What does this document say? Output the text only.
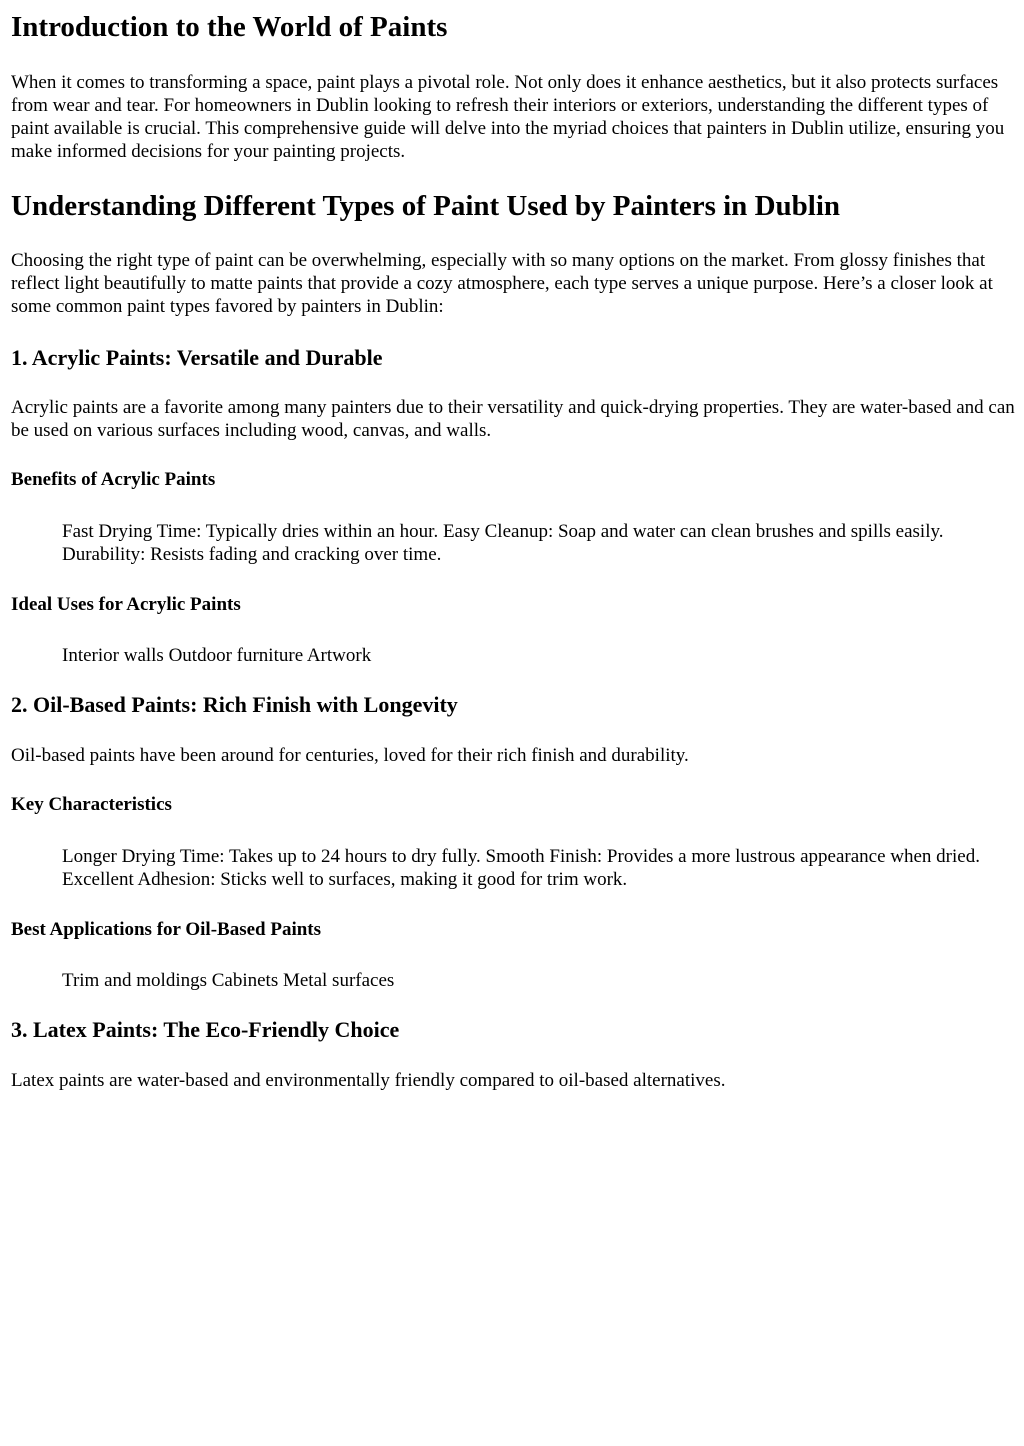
Introduction to the World of Paints

When it comes to transforming a space, paint plays a pivotal role. Not only does it enhance aesthetics, but it also protects surfaces from wear and tear. For homeowners in Dublin looking to refresh their interiors or exteriors, understanding the different types of paint available is crucial. This comprehensive guide will delve into the myriad choices that painters in Dublin utilize, ensuring you make informed decisions for your painting projects.

Understanding Different Types of Paint Used by Painters in Dublin

Choosing the right type of paint can be overwhelming, especially with so many options on the market. From glossy finishes that reflect light beautifully to matte paints that provide a cozy atmosphere, each type serves a unique purpose. Here’s a closer look at some common paint types favored by painters in Dublin:

1. Acrylic Paints: Versatile and Durable

Acrylic paints are a favorite among many painters due to their versatility and quick-drying properties. They are water-based and can be used on various surfaces including wood, canvas, and walls.

Benefits of Acrylic Paints

Fast Drying Time: Typically dries within an hour. Easy Cleanup: Soap and water can clean brushes and spills easily. Durability: Resists fading and cracking over time.

Ideal Uses for Acrylic Paints

Interior walls Outdoor furniture Artwork

2. Oil-Based Paints: Rich Finish with Longevity

Oil-based paints have been around for centuries, loved for their rich finish and durability.

Key Characteristics

Longer Drying Time: Takes up to 24 hours to dry fully. Smooth Finish: Provides a more lustrous appearance when dried. Excellent Adhesion: Sticks well to surfaces, making it good for trim work.

Best Applications for Oil-Based Paints

Trim and moldings Cabinets Metal surfaces

3. Latex Paints: The Eco-Friendly Choice

Latex paints are water-based and environmentally friendly compared to oil-based alternatives.
